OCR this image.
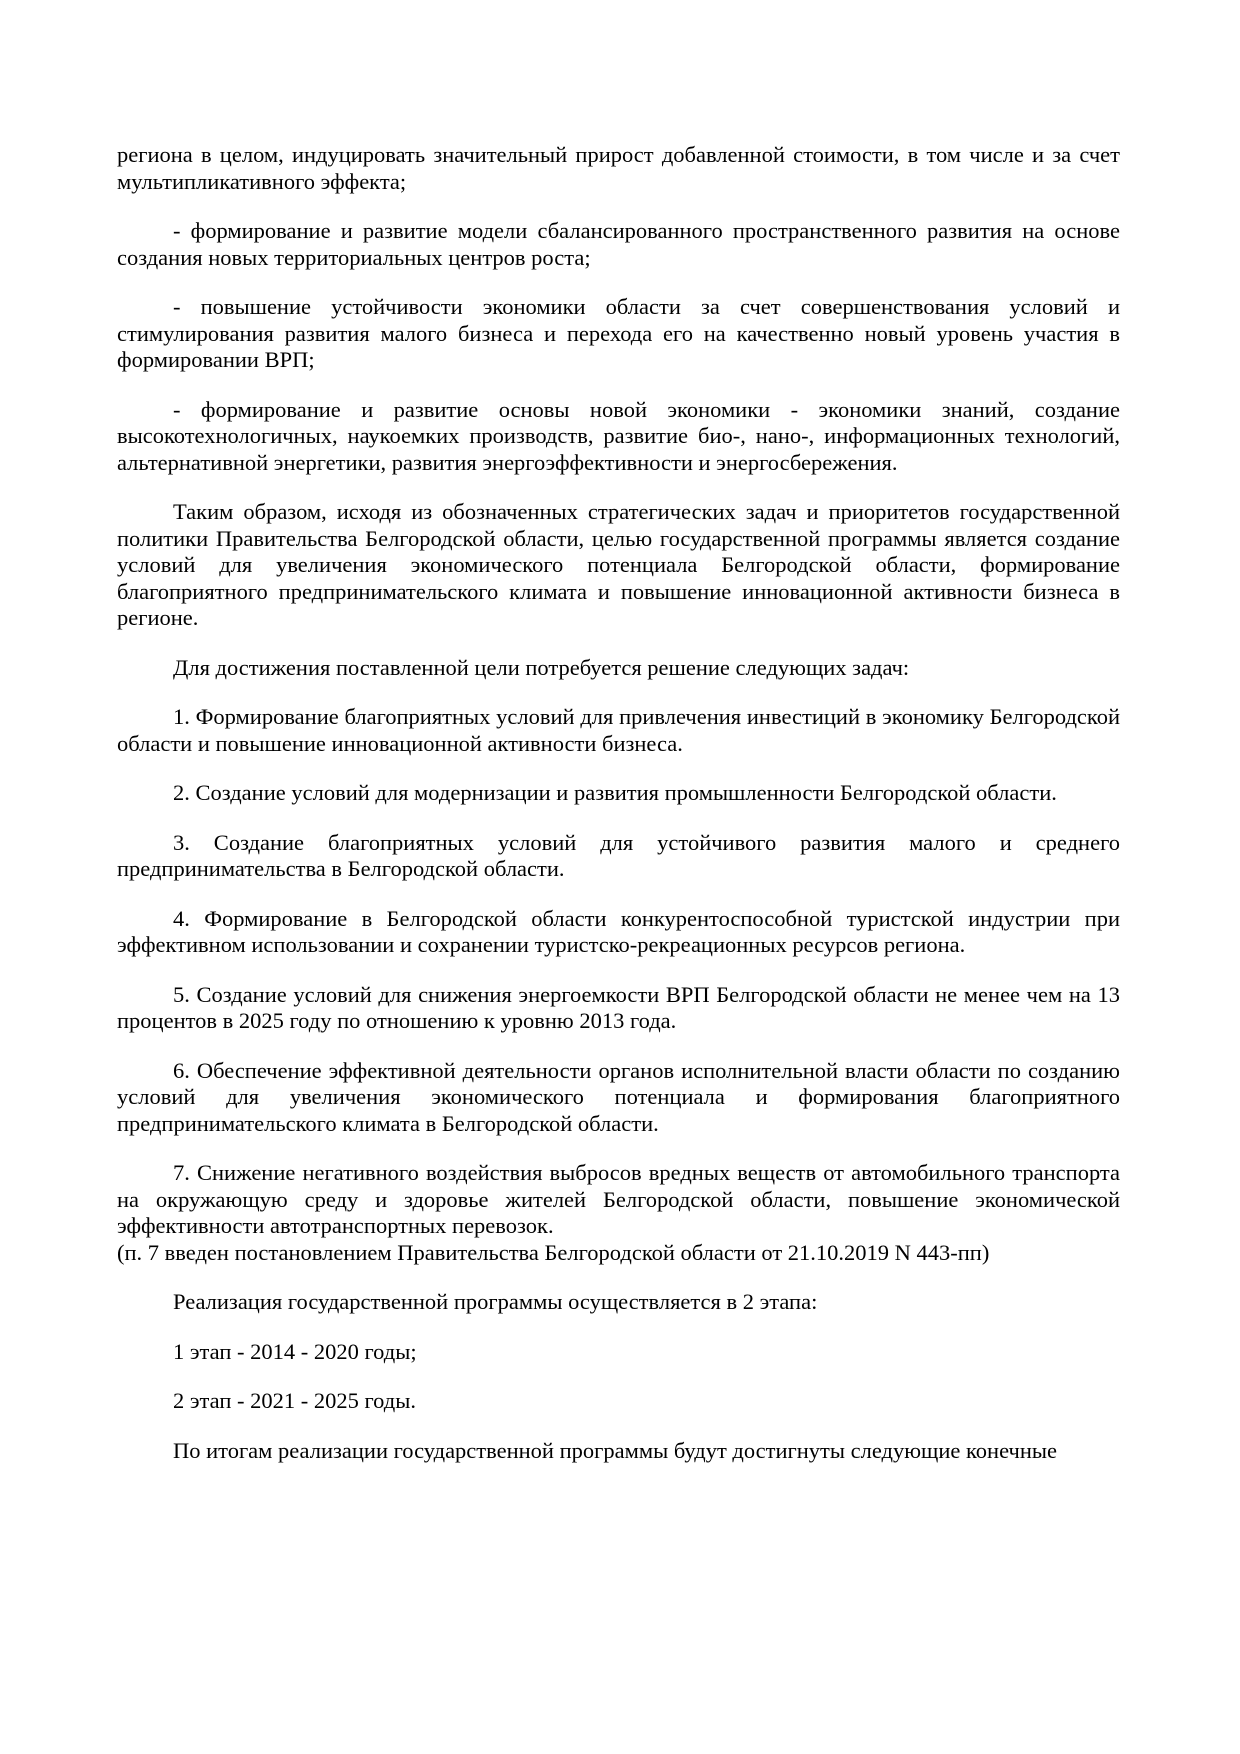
региона в целом, индуцировать значительный прирост добавленной стоимости, в том числе и за счет мультипликативного эффекта;

- формирование и развитие модели сбалансированного пространственного развития на основе создания новых территориальных центров роста;

- повышение устойчивости экономики области за счет совершенствования условий и стимулирования развития малого бизнеса и перехода его на качественно новый уровень участия в формировании ВРП;

- формирование и развитие основы новой экономики - экономики знаний, создание высокотехнологичных, наукоемких производств, развитие био-, нано-, информационных технологий, альтернативной энергетики, развития энергоэффективности и энергосбережения.

Таким образом, исходя из обозначенных стратегических задач и приоритетов государственной политики Правительства Белгородской области, целью государственной программы является создание условий для увеличения экономического потенциала Белгородской области, формирование благоприятного предпринимательского климата и повышение инновационной активности бизнеса в регионе.

Для достижения поставленной цели потребуется решение следующих задач:

1. Формирование благоприятных условий для привлечения инвестиций в экономику Белгородской области и повышение инновационной активности бизнеса.

2. Создание условий для модернизации и развития промышленности Белгородской области.

3. Создание благоприятных условий для устойчивого развития малого и среднего предпринимательства в Белгородской области.

4. Формирование в Белгородской области конкурентоспособной туристской индустрии при эффективном использовании и сохранении туристско-рекреационных ресурсов региона.

5. Создание условий для снижения энергоемкости ВРП Белгородской области не менее чем на 13 процентов в 2025 году по отношению к уровню 2013 года.

6. Обеспечение эффективной деятельности органов исполнительной власти области по созданию условий для увеличения экономического потенциала и формирования благоприятного предпринимательского климата в Белгородской области.

7. Снижение негативного воздействия выбросов вредных веществ от автомобильного транспорта на окружающую среду и здоровье жителей Белгородской области, повышение экономической эффективности автотранспортных перевозок.

(п. 7 введен постановлением Правительства Белгородской области от 21.10.2019 N 443-пп)

Реализация государственной программы осуществляется в 2 этапа:

1 этап - 2014 - 2020 годы;

2 этап - 2021 - 2025 годы.

По итогам реализации государственной программы будут достигнуты следующие конечные
